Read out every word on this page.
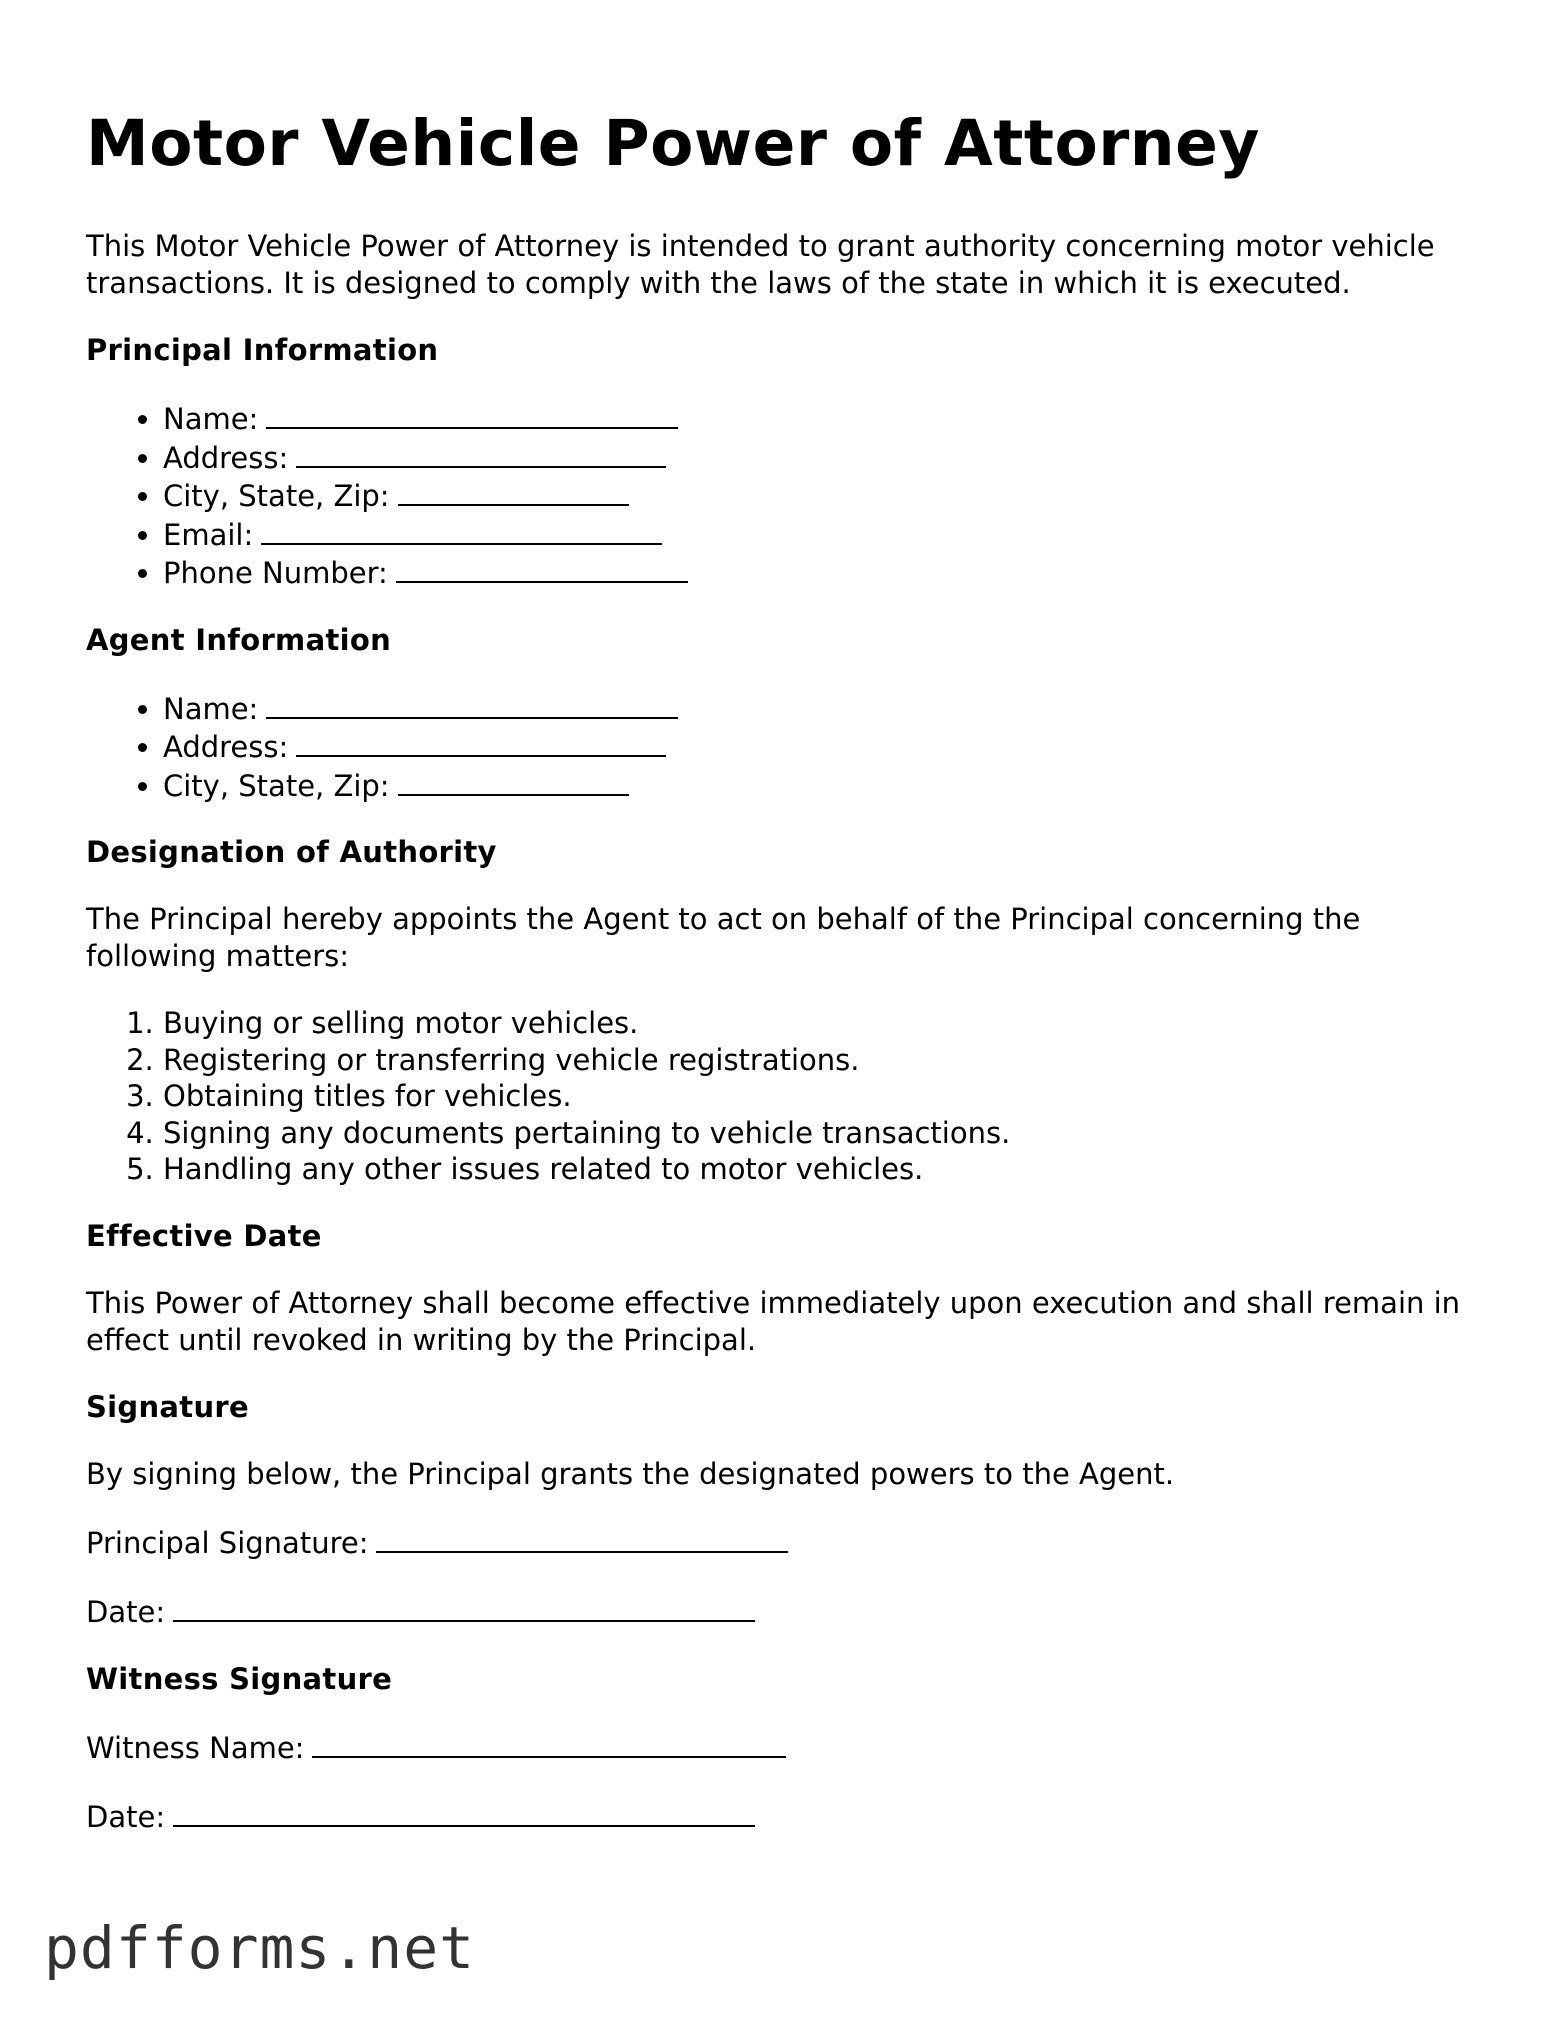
Motor Vehicle Power of Attorney

This Motor Vehicle Power of Attorney is intended to grant authority concerning motor vehicle transactions. It is designed to comply with the laws of the state in which it is executed.

Principal Information
• Name:
• Address:
• City, State, Zip:
• Email:
• Phone Number:
Agent Information
• Name:
• Address:
• City, State, Zip:
Designation of Authority

The Principal hereby appoints the Agent to act on behalf of the Principal concerning the following matters:

1. Buying or selling motor vehicles.
2. Registering or transferring vehicle registrations.
3. Obtaining titles for vehicles.
4. Signing any documents pertaining to vehicle transactions.
5. Handling any other issues related to motor vehicles.
Effective Date

This Power of Attorney shall become effective immediately upon execution and shall remain in effect until revoked in writing by the Principal.

Signature

By signing below, the Principal grants the designated powers to the Agent.

Principal Signature:
Date:
Witness Signature
Witness Name:
Date:
pdfforms.net
